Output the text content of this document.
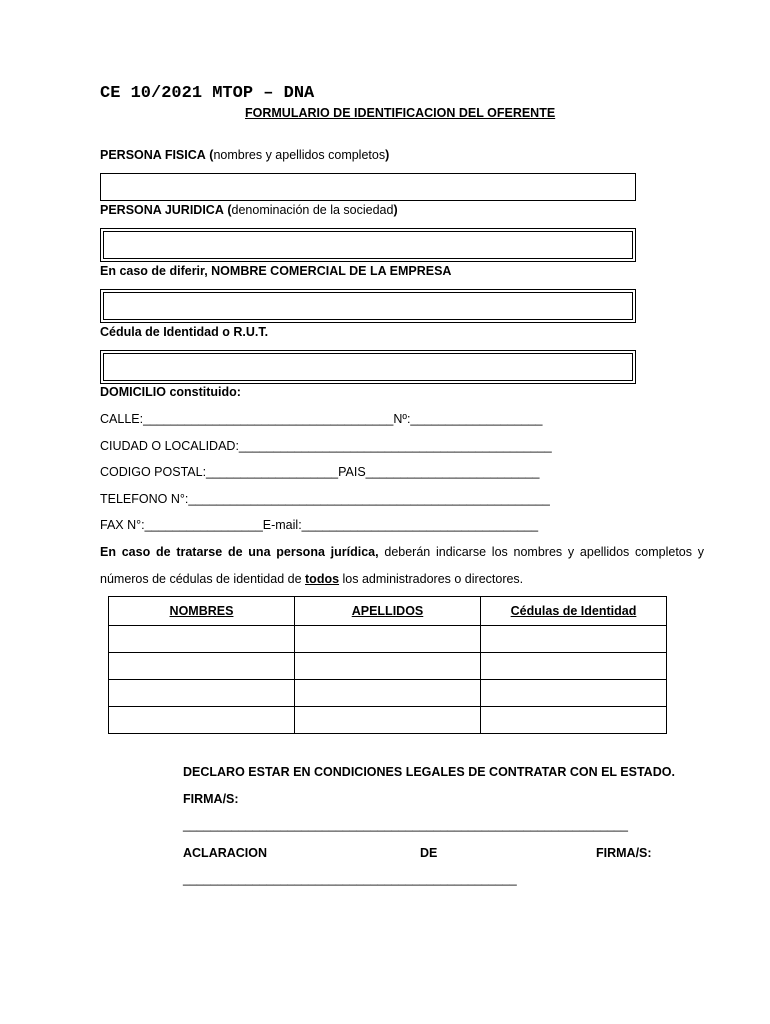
CE 10/2021 MTOP – DNA
FORMULARIO DE IDENTIFICACION DEL OFERENTE
PERSONA FISICA (nombres y apellidos completos)
PERSONA JURIDICA (denominación de la sociedad)
En caso de diferir, NOMBRE COMERCIAL DE LA EMPRESA
Cédula de Identidad o R.U.T.
DOMICILIO constituido:
CALLE:____________________________________Nº:___________________
CIUDAD O LOCALIDAD:_____________________________________________
CODIGO POSTAL:___________________PAIS_________________________
TELEFONO N°:____________________________________________________
FAX N°:_________________E-mail:__________________________________
En caso de tratarse de una persona jurídica, deberán indicarse los nombres y apellidos completos y
números de cédulas de identidad de todos los administradores o directores.
NOMBRES	APELLIDOS	Cédulas de Identidad

DECLARO ESTAR EN CONDICIONES LEGALES DE CONTRATAR CON EL ESTADO.
FIRMA/S:
________________________________________________________________
ACLARACION	DE	FIRMA/S:
________________________________________________
